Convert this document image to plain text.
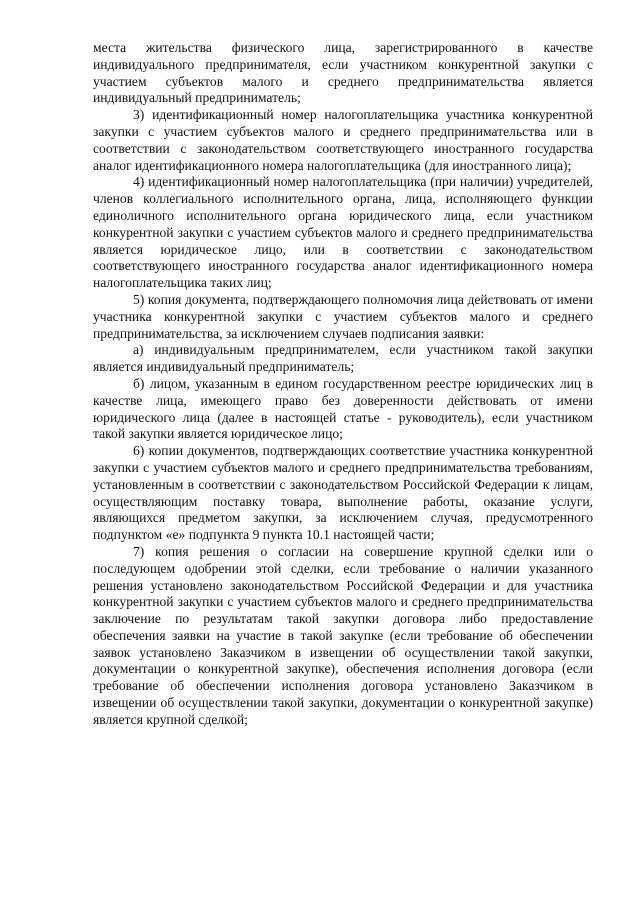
места жительства физического лица, зарегистрированного в качестве индивидуального предпринимателя, если участником конкурентной закупки с участием субъектов малого и среднего предпринимательства является индивидуальный предприниматель;

3) идентификационный номер налогоплательщика участника конкурентной закупки с участием субъектов малого и среднего предпринимательства или в соответствии с законодательством соответствующего иностранного государства аналог идентификационного номера налогоплательщика (для иностранного лица);

4) идентификационный номер налогоплательщика (при наличии) учредителей, членов коллегиального исполнительного органа, лица, исполняющего функции единоличного исполнительного органа юридического лица, если участником конкурентной закупки с участием субъектов малого и среднего предпринимательства является юридическое лицо, или в соответствии с законодательством соответствующего иностранного государства аналог идентификационного номера налогоплательщика таких лиц;

5) копия документа, подтверждающего полномочия лица действовать от имени участника конкурентной закупки с участием субъектов малого и среднего предпринимательства, за исключением случаев подписания заявки:

а) индивидуальным предпринимателем, если участником такой закупки является индивидуальный предприниматель;

б) лицом, указанным в едином государственном реестре юридических лиц в качестве лица, имеющего право без доверенности действовать от имени юридического лица (далее в настоящей статье - руководитель), если участником такой закупки является юридическое лицо;

6) копии документов, подтверждающих соответствие участника конкурентной закупки с участием субъектов малого и среднего предпринимательства требованиям, установленным в соответствии с законодательством Российской Федерации к лицам, осуществляющим поставку товара, выполнение работы, оказание услуги, являющихся предметом закупки, за исключением случая, предусмотренного подпунктом «е» подпункта 9 пункта 10.1 настоящей части;

7) копия решения о согласии на совершение крупной сделки или о последующем одобрении этой сделки, если требование о наличии указанного решения установлено законодательством Российской Федерации и для участника конкурентной закупки с участием субъектов малого и среднего предпринимательства заключение по результатам такой закупки договора либо предоставление обеспечения заявки на участие в такой закупке (если требование об обеспечении заявок установлено Заказчиком в извещении об осуществлении такой закупки, документации о конкурентной закупке), обеспечения исполнения договора (если требование об обеспечении исполнения договора установлено Заказчиком в извещении об осуществлении такой закупки, документации о конкурентной закупке) является крупной сделкой;
